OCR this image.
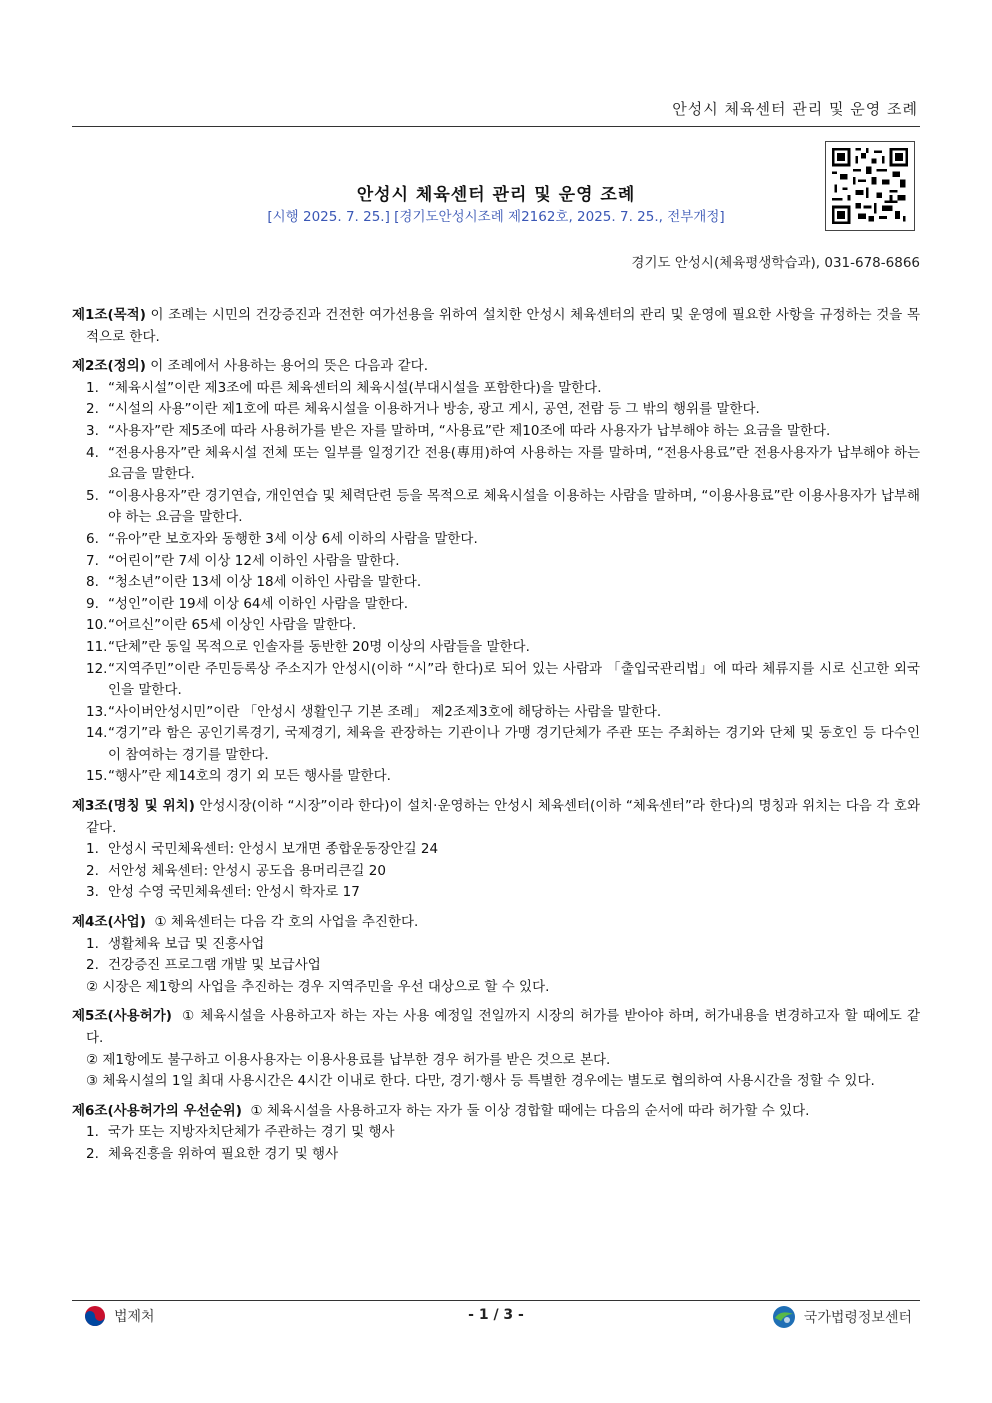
안성시 체육센터 관리 및 운영 조례
안성시 체육센터 관리 및 운영 조례
[시행 2025. 7. 25.] [경기도안성시조례 제2162호, 2025. 7. 25., 전부개정]
경기도 안성시(체육평생학습과), 031-678-6866
제1조(목적) 이 조례는 시민의 건강증진과 건전한 여가선용을 위하여 설치한 안성시 체육센터의 관리 및 운영에 필요한 사항을 규정하는 것을 목적으로 한다.
제2조(정의) 이 조례에서 사용하는 용어의 뜻은 다음과 같다.
1. “체육시설”이란 제3조에 따른 체육센터의 체육시설(부대시설을 포함한다)을 말한다.
2. “시설의 사용”이란 제1호에 따른 체육시설을 이용하거나 방송, 광고 게시, 공연, 전람 등 그 밖의 행위를 말한다.
3. “사용자”란 제5조에 따라 사용허가를 받은 자를 말하며, “사용료”란 제10조에 따라 사용자가 납부해야 하는 요금을 말한다.
4. “전용사용자”란 체육시설 전체 또는 일부를 일정기간 전용(專用)하여 사용하는 자를 말하며, “전용사용료”란 전용사용자가 납부해야 하는 요금을 말한다.
5. “이용사용자”란 경기연습, 개인연습 및 체력단련 등을 목적으로 체육시설을 이용하는 사람을 말하며, “이용사용료”란 이용사용자가 납부해야 하는 요금을 말한다.
6. “유아”란 보호자와 동행한 3세 이상 6세 이하의 사람을 말한다.
7. “어린이”란 7세 이상 12세 이하인 사람을 말한다.
8. “청소년”이란 13세 이상 18세 이하인 사람을 말한다.
9. “성인”이란 19세 이상 64세 이하인 사람을 말한다.
10. “어르신”이란 65세 이상인 사람을 말한다.
11. “단체”란 동일 목적으로 인솔자를 동반한 20명 이상의 사람들을 말한다.
12. “지역주민”이란 주민등록상 주소지가 안성시(이하 “시”라 한다)로 되어 있는 사람과 「출입국관리법」에 따라 체류지를 시로 신고한 외국인을 말한다.
13. “사이버안성시민”이란 「안성시 생활인구 기본 조례」 제2조제3호에 해당하는 사람을 말한다.
14. “경기”라 함은 공인기록경기, 국제경기, 체육을 관장하는 기관이나 가맹 경기단체가 주관 또는 주최하는 경기와 단체 및 동호인 등 다수인이 참여하는 경기를 말한다.
15. “행사”란 제14호의 경기 외 모든 행사를 말한다.
제3조(명칭 및 위치) 안성시장(이하 “시장”이라 한다)이 설치·운영하는 안성시 체육센터(이하 “체육센터”라 한다)의 명칭과 위치는 다음 각 호와 같다.
1. 안성시 국민체육센터: 안성시 보개면 종합운동장안길 24
2. 서안성 체육센터: 안성시 공도읍 용머리큰길 20
3. 안성 수영 국민체육센터: 안성시 학자로 17
제4조(사업)  ① 체육센터는 다음 각 호의 사업을 추진한다.
1. 생활체육 보급 및 진흥사업
2. 건강증진 프로그램 개발 및 보급사업
② 시장은 제1항의 사업을 추진하는 경우 지역주민을 우선 대상으로 할 수 있다.
제5조(사용허가)  ① 체육시설을 사용하고자 하는 자는 사용 예정일 전일까지 시장의 허가를 받아야 하며, 허가내용을 변경하고자 할 때에도 같다.
② 제1항에도 불구하고 이용사용자는 이용사용료를 납부한 경우 허가를 받은 것으로 본다.
③ 체육시설의 1일 최대 사용시간은 4시간 이내로 한다. 다만, 경기·행사 등 특별한 경우에는 별도로 협의하여 사용시간을 정할 수 있다.
제6조(사용허가의 우선순위)  ① 체육시설을 사용하고자 하는 자가 둘 이상 경합할 때에는 다음의 순서에 따라 허가할 수 있다.
1. 국가 또는 지방자치단체가 주관하는 경기 및 행사
2. 체육진흥을 위하여 필요한 경기 및 행사
법제처	- 1 / 3 -	국가법령정보센터
